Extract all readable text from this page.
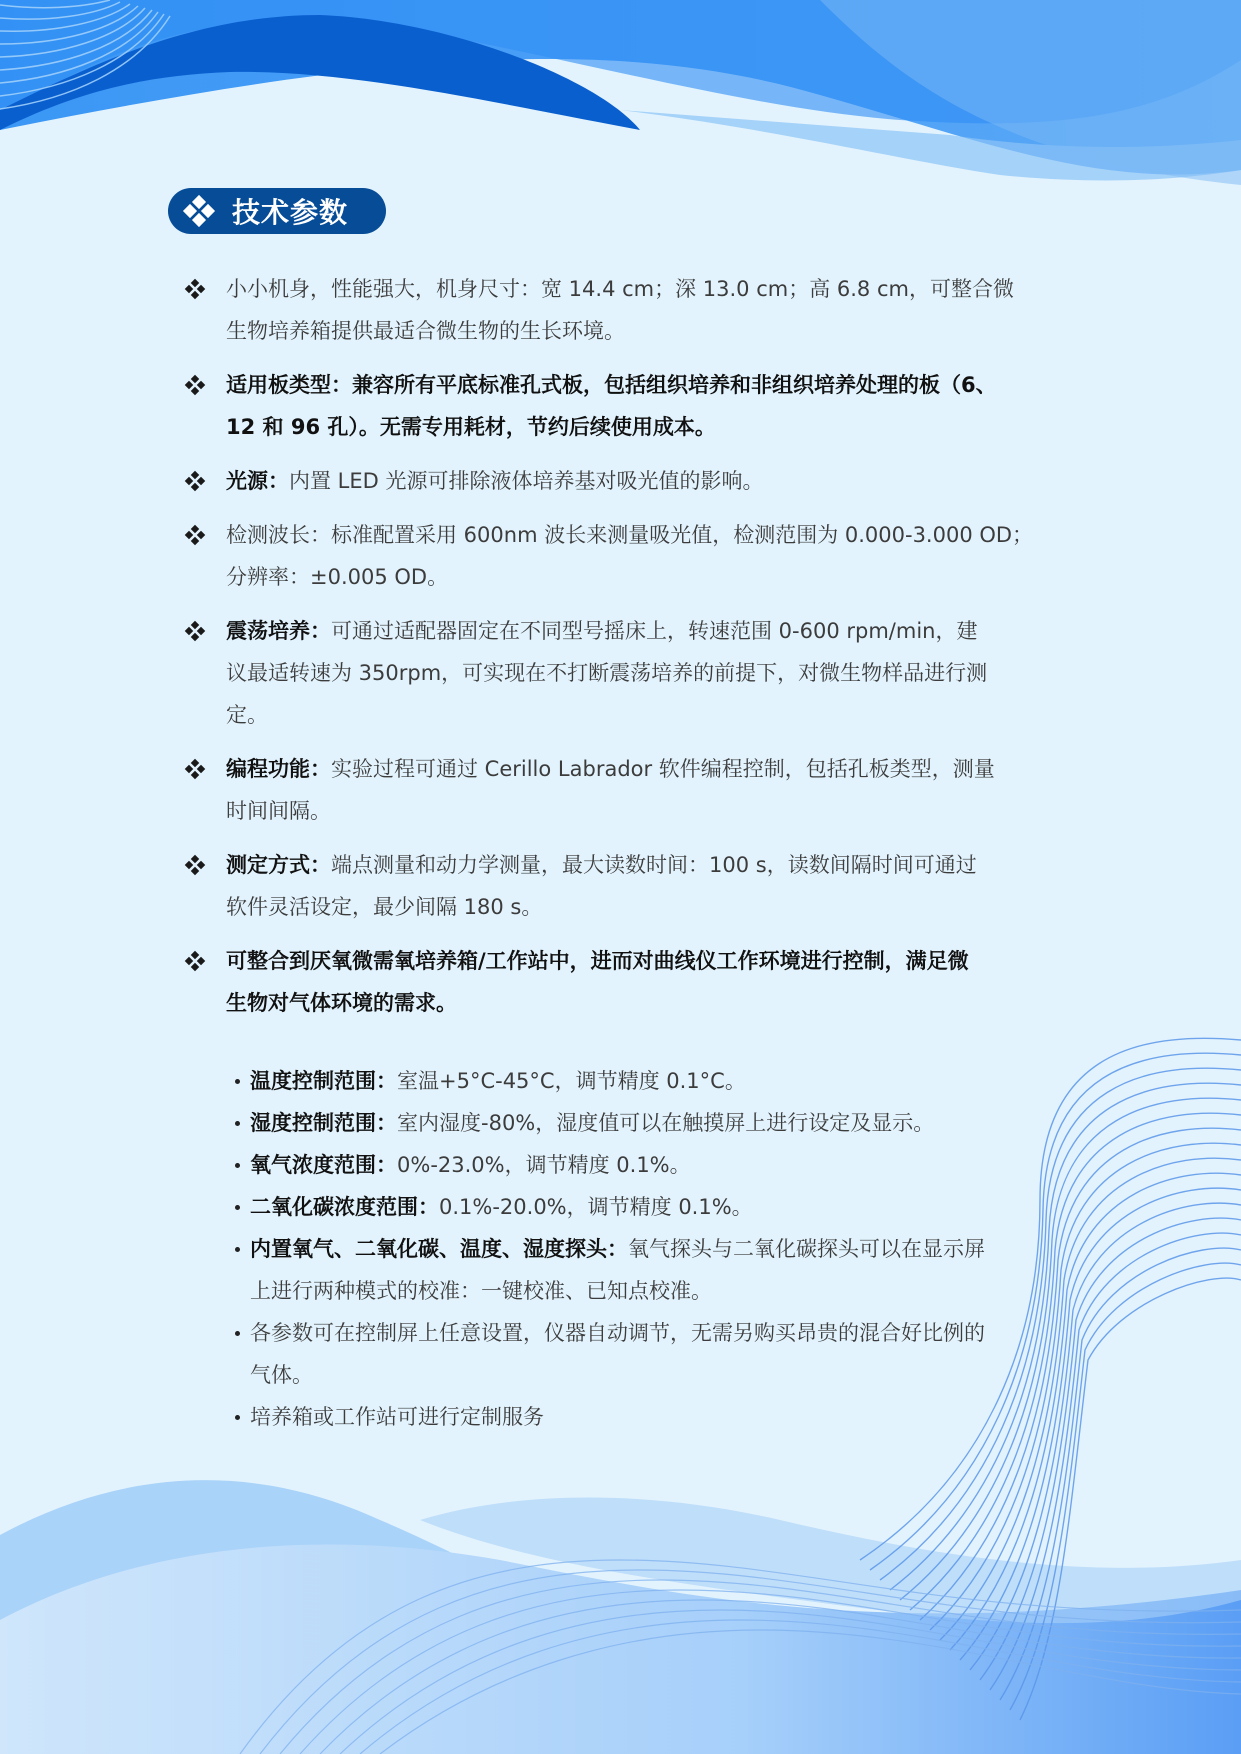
技术参数
小小机身，性能强大，机身尺寸：宽 14.4 cm；深 13.0 cm；高 6.8 cm，可整合微
生物培养箱提供最适合微生物的生长环境。
适用板类型：兼容所有平底标准孔式板，包括组织培养和非组织培养处理的板（6、
12 和 96 孔）。无需专用耗材，节约后续使用成本。
光源：内置 LED 光源可排除液体培养基对吸光值的影响。
检测波长：标准配置采用 600nm 波长来测量吸光值，检测范围为 0.000-3.000 OD；
分辨率：±0.005 OD。
震荡培养：可通过适配器固定在不同型号摇床上，转速范围 0-600 rpm/min，建
议最适转速为 350rpm，可实现在不打断震荡培养的前提下，对微生物样品进行测
定。
编程功能：实验过程可通过 Cerillo Labrador 软件编程控制，包括孔板类型，测量
时间间隔。
测定方式：端点测量和动力学测量，最大读数时间：100 s，读数间隔时间可通过
软件灵活设定，最少间隔 180 s。
可整合到厌氧微需氧培养箱/工作站中，进而对曲线仪工作环境进行控制，满足微
生物对气体环境的需求。
温度控制范围：室温+5°C-45°C，调节精度 0.1°C。
湿度控制范围：室内湿度-80%，湿度值可以在触摸屏上进行设定及显示。
氧气浓度范围：0%-23.0%，调节精度 0.1%。
二氧化碳浓度范围：0.1%-20.0%，调节精度 0.1%。
内置氧气、二氧化碳、温度、湿度探头：氧气探头与二氧化碳探头可以在显示屏
上进行两种模式的校准：一键校准、已知点校准。
各参数可在控制屏上任意设置，仪器自动调节，无需另购买昂贵的混合好比例的
气体。
培养箱或工作站可进行定制服务
